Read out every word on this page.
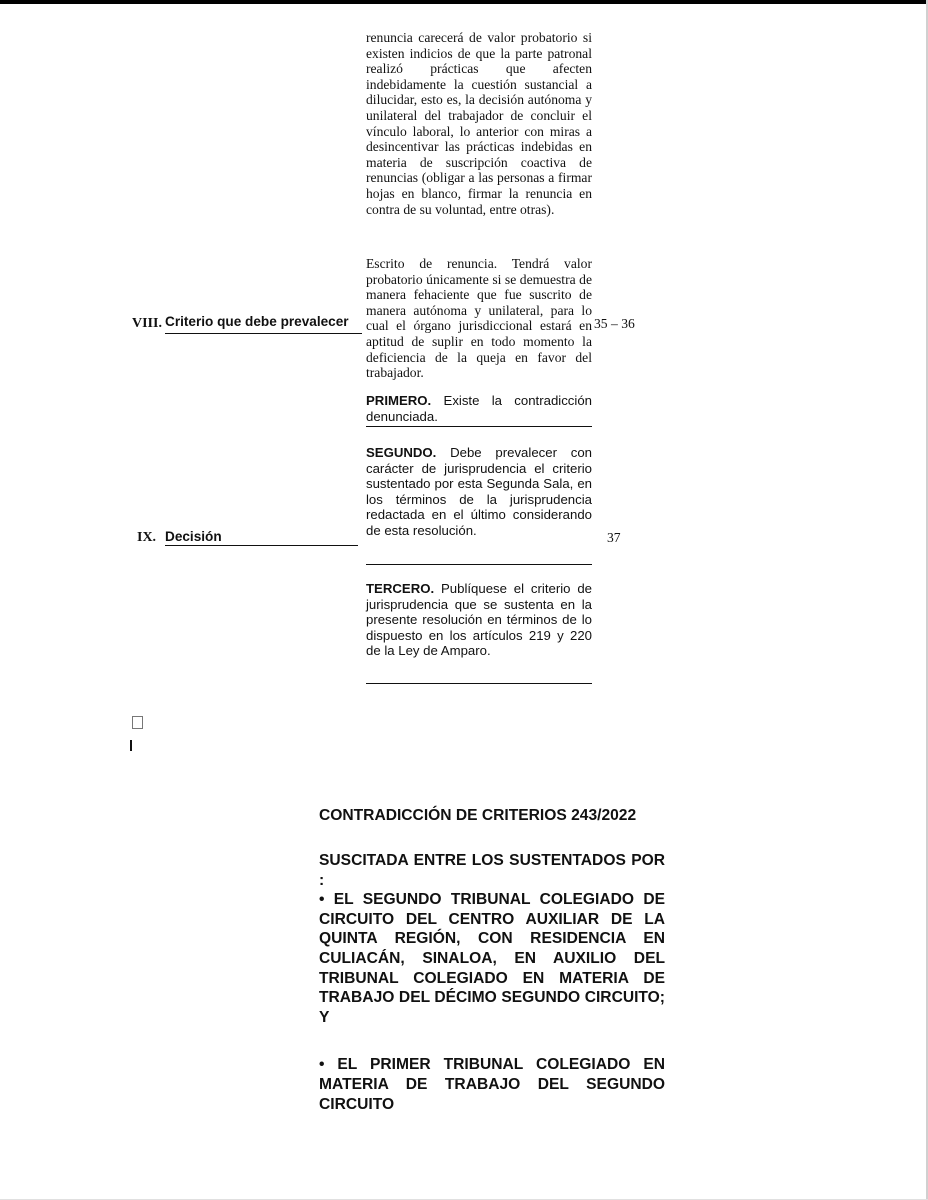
renuncia carecerá de valor probatorio si existen indicios de que la parte patronal realizó prácticas que afecten indebidamente la cuestión sustancial a dilucidar, esto es, la decisión autónoma y unilateral del trabajador de concluir el vínculo laboral, lo anterior con miras a desincentivar las prácticas indebidas en materia de suscripción coactiva de renuncias (obligar a las personas a firmar hojas en blanco, firmar la renuncia en contra de su voluntad, entre otras).
Escrito de renuncia. Tendrá valor probatorio únicamente si se demuestra de manera fehaciente que fue suscrito de manera autónoma y unilateral, para lo cual el órgano jurisdiccional estará en aptitud de suplir en todo momento la deficiencia de la queja en favor del trabajador.
VIII. Criterio que debe prevalecer	35 – 36
PRIMERO. Existe la contradicción denunciada.
SEGUNDO. Debe prevalecer con carácter de jurisprudencia el criterio sustentado por esta Segunda Sala, en los términos de la jurisprudencia redactada en el último considerando de esta resolución.
TERCERO. Publíquese el criterio de jurisprudencia que se sustenta en la presente resolución en términos de lo dispuesto en los artículos 219 y 220 de la Ley de Amparo.
IX. Decisión	37

CONTRADICCIÓN DE CRITERIOS 243/2022

SUSCITADA ENTRE LOS SUSTENTADOS POR :

• EL SEGUNDO TRIBUNAL COLEGIADO DE CIRCUITO DEL CENTRO AUXILIAR DE LA QUINTA REGIÓN, CON RESIDENCIA EN CULIACÁN, SINALOA, EN AUXILIO DEL TRIBUNAL COLEGIADO EN MATERIA DE TRABAJO DEL DÉCIMO SEGUNDO CIRCUITO; Y

• EL PRIMER TRIBUNAL COLEGIADO EN MATERIA DE TRABAJO DEL SEGUNDO CIRCUITO
